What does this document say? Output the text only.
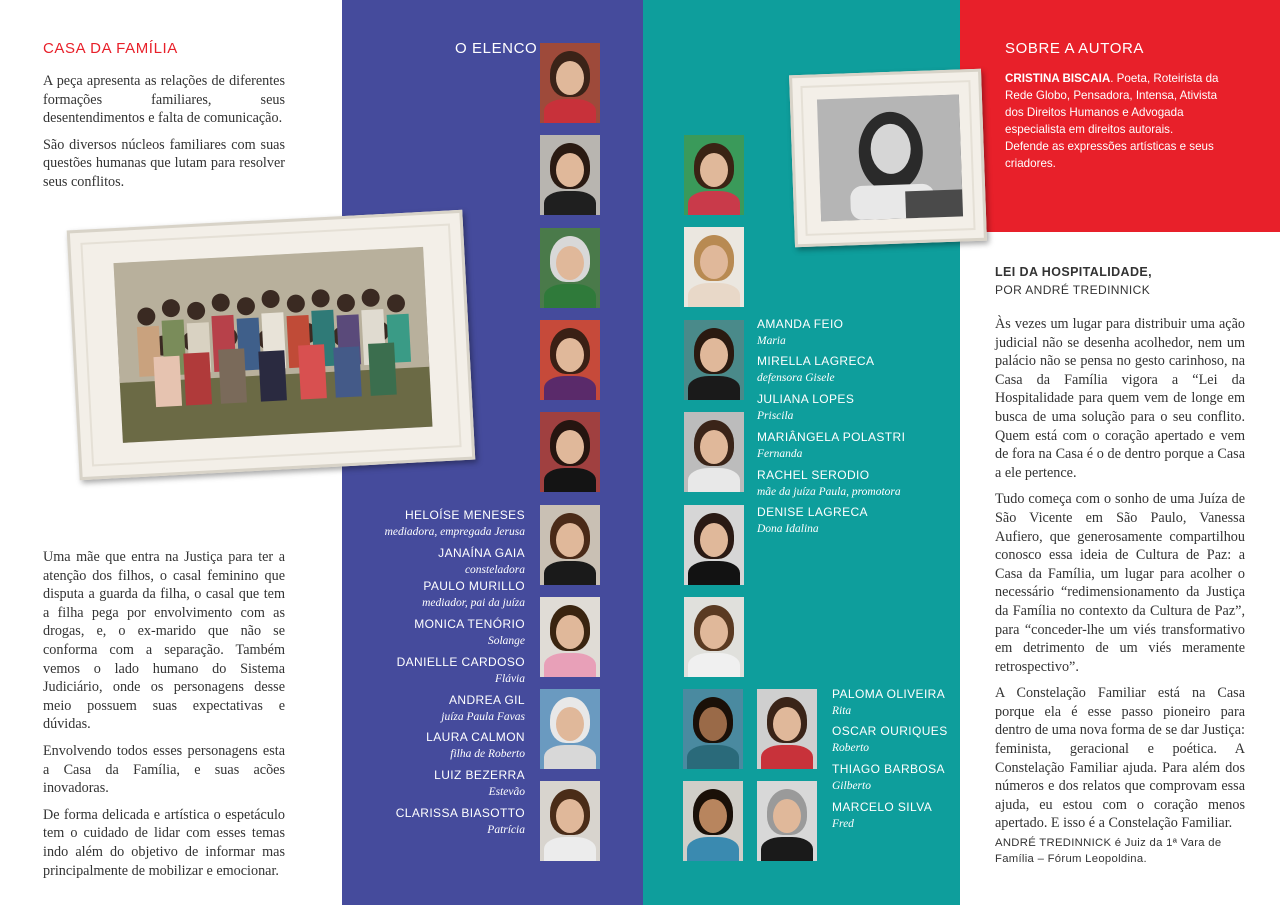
CASA DA FAMÍLIA

A peça apresenta as relações de diferentes formações familiares, seus desentendimentos e falta de comunicação.

São diversos núcleos familiares com suas questões humanas que lutam para resolver seus conflitos.

Uma mãe que entra na Justiça para ter a atenção dos filhos, o casal feminino que disputa a guarda da filha, o casal que tem a filha pega por envolvimento com as drogas, e, o ex-marido que não se conforma com a separação. Também vemos o lado humano do Sistema Judiciário, onde os personagens desse meio possuem suas expectativas e dúvidas.

Envolvendo todos esses personagens esta a Casa da Família, e suas acões inovadoras.

De forma delicada e artística o espetáculo tem o cuidado de lidar com esses temas indo além do objetivo de informar mas principalmente de mobilizar e emocionar.

O ELENCO
HELOÍSE MENESES
mediadora, empregada Jerusa
JANAÍNA GAIA
consteladora
PAULO MURILLO
mediador, pai da juíza
MONICA TENÓRIO
Solange
DANIELLE CARDOSO
Flávia
ANDREA GIL
juíza Paula Favas
LAURA CALMON
filha de Roberto
LUIZ BEZERRA
Estevão
CLARISSA BIASOTTO
Patrícia
AMANDA FEIO
Maria
MIRELLA LAGRECA
defensora Gisele
JULIANA LOPES
Priscila
MARIÂNGELA POLASTRI
Fernanda
RACHEL SERODIO
mãe da juíza Paula, promotora
DENISE LAGRECA
Dona Idalina
PALOMA OLIVEIRA
Rita
OSCAR OURIQUES
Roberto
THIAGO BARBOSA
Gilberto
MARCELO SILVA
Fred
SOBRE A AUTORA
CRISTINA BISCAIA. Poeta, Roteirista da Rede Globo, Pensadora, Intensa, Ativista dos Direitos Humanos e Advogada especialista em direitos autorais. Defende as expressões artísticas e seus criadores.
LEI DA HOSPITALIDADE,
POR ANDRÉ TREDINNICK

Às vezes um lugar para distribuir uma ação judicial não se desenha acolhedor, nem um palácio não se pensa no gesto carinhoso, na Casa da Família vigora a “Lei da Hospitalidade para quem vem de longe em busca de uma solução para o seu conflito. Quem está com o coração apertado e vem de fora na Casa é o de dentro porque a Casa a ele pertence.

Tudo começa com o sonho de uma Juíza de São Vicente em São Paulo, Vanessa Aufiero, que generosamente compartilhou conosco essa ideia de Cultura de Paz: a Casa da Família, um lugar para acolher o necessário “redimensionamento da Justiça da Família no contexto da Cultura de Paz”, para “conceder-lhe um viés transformativo em detrimento de um viés meramente retrospectivo”.

A Constelação Familiar está na Casa porque ela é esse passo pioneiro para dentro de uma nova forma de se dar Justiça: feminista, geracional e poética. A Constelação Familiar ajuda. Para além dos números e dos relatos que comprovam essa ajuda, eu estou com o coração menos apertado. E isso é a Constelação Familiar.

ANDRÉ TREDINNICK é Juiz da 1ª Vara de Família – Fórum Leopoldina.
